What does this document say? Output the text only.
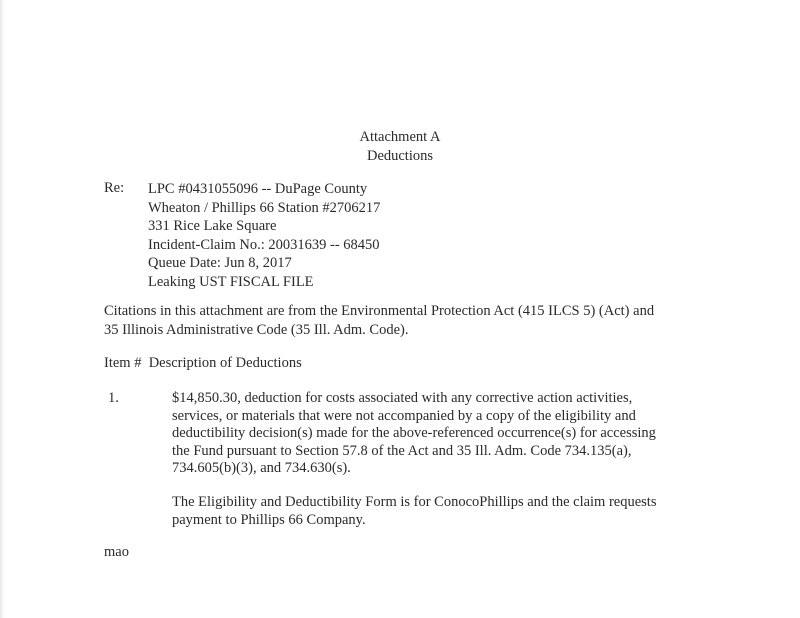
Attachment A
Deductions
Re: LPC #0431055096 -- DuPage County
Wheaton / Phillips 66 Station #2706217
331 Rice Lake Square
Incident-Claim No.: 20031639 -- 68450
Queue Date: Jun 8, 2017
Leaking UST FISCAL FILE
Citations in this attachment are from the Environmental Protection Act (415 ILCS 5) (Act) and
35 Illinois Administrative Code (35 Ill. Adm. Code).
Item #  Description of Deductions
1.	$14,850.30, deduction for costs associated with any corrective action activities,
services, or materials that were not accompanied by a copy of the eligibility and
deductibility decision(s) made for the above-referenced occurrence(s) for accessing
the Fund pursuant to Section 57.8 of the Act and 35 Ill. Adm. Code 734.135(a),
734.605(b)(3), and 734.630(s).
The Eligibility and Deductibility Form is for ConocoPhillips and the claim requests
payment to Phillips 66 Company.
mao
